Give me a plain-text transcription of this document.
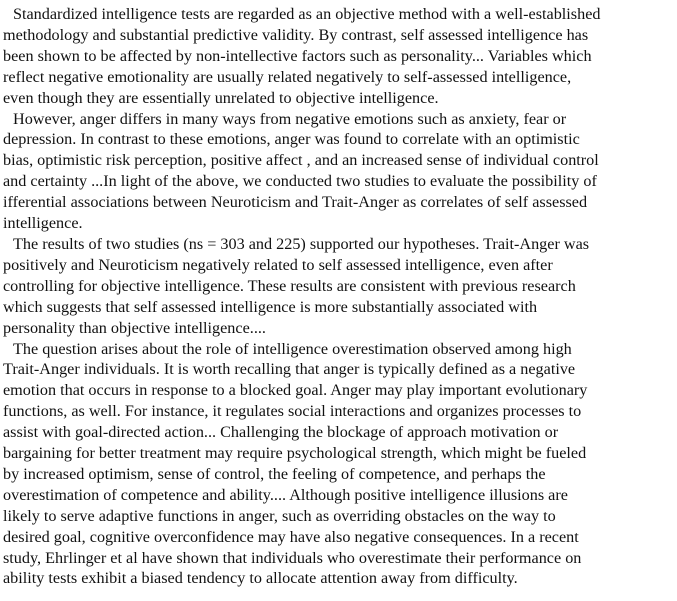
Standardized intelligence tests are regarded as an objective method with a well-established
methodology and substantial predictive validity. By contrast, self assessed intelligence has
been shown to be affected by non-intellective factors such as personality... Variables which
reflect negative emotionality are usually related negatively to self-assessed intelligence,
even though they are essentially unrelated to objective intelligence.

However, anger differs in many ways from negative emotions such as anxiety, fear or
depression. In contrast to these emotions, anger was found to correlate with an optimistic
bias, optimistic risk perception, positive affect , and an increased sense of individual control
and certainty ...In light of the above, we conducted two studies to evaluate the possibility of
ifferential associations between Neuroticism and Trait-Anger as correlates of self assessed
intelligence.

The results of two studies (ns = 303 and 225) supported our hypotheses. Trait-Anger was
positively and Neuroticism negatively related to self assessed intelligence, even after
controlling for objective intelligence. These results are consistent with previous research
which suggests that self assessed intelligence is more substantially associated with
personality than objective intelligence....

The question arises about the role of intelligence overestimation observed among high
Trait-Anger individuals. It is worth recalling that anger is typically defined as a negative
emotion that occurs in response to a blocked goal. Anger may play important evolutionary
functions, as well. For instance, it regulates social interactions and organizes processes to
assist with goal-directed action... Challenging the blockage of approach motivation or
bargaining for better treatment may require psychological strength, which might be fueled
by increased optimism, sense of control, the feeling of competence, and perhaps the
overestimation of competence and ability.... Although positive intelligence illusions are
likely to serve adaptive functions in anger, such as overriding obstacles on the way to
desired goal, cognitive overconfidence may have also negative consequences. In a recent
study, Ehrlinger et al have shown that individuals who overestimate their performance on
ability tests exhibit a biased tendency to allocate attention away from difficulty.
